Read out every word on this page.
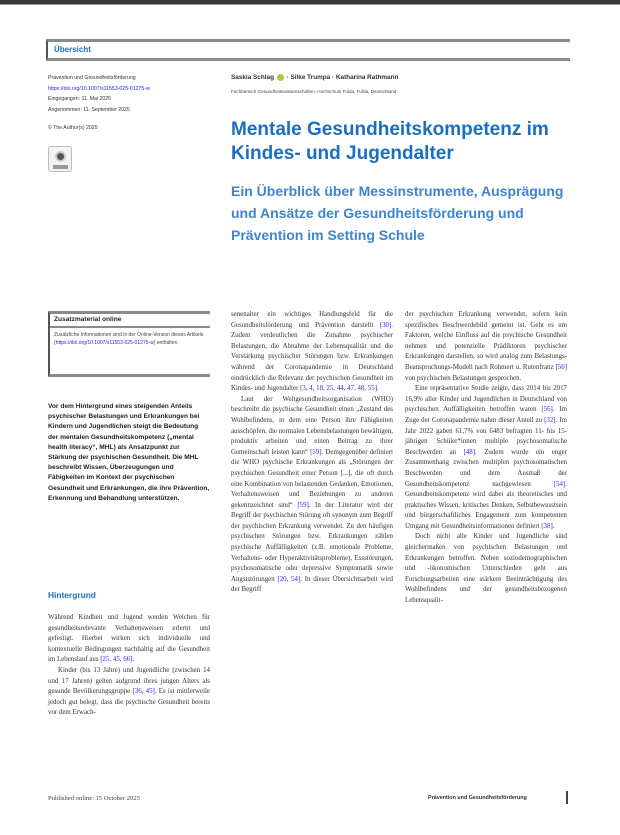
Übersicht
Prävention und Gesundheitsförderung
https://doi.org/10.1007/s11553-025-01275-w
Eingegangen: 11. Mai 2025
Angenommen: 11. September 2025
© The Author(s) 2025
Saskia Schlag  · Silke Trumpa · Katharina Rathmann
Fachbereich Gesundheitswissenschaften, Hochschule Fulda, Fulda, Deutschland
Mentale Gesundheitskompetenz im Kindes- und Jugendalter
Ein Überblick über Messinstrumente, Ausprägung und Ansätze der Gesundheitsförderung und Prävention im Setting Schule
Zusatzmaterial online
Zusätzliche Informationen sind in der Online-Version dieses Artikels (https://doi.org/10.1007/s11553-025-01275-w) enthalten.
Vor dem Hintergrund eines steigenden Anteils psychischer Belastungen und Erkrankungen bei Kindern und Jugendlichen steigt die Bedeutung der mentalen Gesundheitskompetenz („mental health literacy“, MHL) als Ansatzpunkt zur Stärkung der psychischen Gesundheit. Die MHL beschreibt Wissen, Überzeugungen und Fähigkeiten im Kontext der psychischen Gesundheit und Erkrankungen, die ihre Prävention, Erkennung und Behandlung unterstützen.
Hintergrund

Während Kindheit und Jugend werden Weichen für gesundheitsrelevante Verhaltensweisen erlernt und gefestigt. Hierbei wirken sich individuelle und kontextuelle Bedingungen nachhaltig auf die Gesundheit im Lebenslauf aus [25, 45, 66].

Kinder (bis 13 Jahre) und Jugendliche (zwischen 14 und 17 Jahren) gelten aufgrund ihres jungen Alters als gesunde Bevölkerungsgruppe [36, 45]. Es ist mittlerweile jedoch gut belegt, dass die psychische Gesundheit bereits vor dem Erwach-

senenalter ein wichtiges Handlungsfeld für die Gesundheitsförderung und Prävention darstellt [30]. Zudem verdeutlichen die Zunahme psychischer Belastungen, die Abnahme der Lebensqualität und die Verstärkung psychischer Störungen bzw. Erkrankungen während der Coronapandemie in Deutschland eindrücklich die Relevanz der psychischen Gesundheit im Kindes- und Jugendalter [3, 4, 18, 25, 44, 47, 48, 55].

Laut der Weltgesundheitsorganisation (WHO) beschreibt die psychische Gesundheit einen „Zustand des Wohlbefindens, in dem eine Person ihre Fähigkeiten ausschöpfen, die normalen Lebensbelastungen bewältigen, produktiv arbeiten und einen Beitrag zu ihrer Gemeinschaft leisten kann“ [59]. Demgegenüber definiert die WHO psychische Erkrankungen als „Störungen der psychischen Gesundheit einer Person [...], die oft durch eine Kombination von belastenden Gedanken, Emotionen, Verhaltensweisen und Beziehungen zu anderen gekennzeichnet sind“ [59]. In der Literatur wird der Begriff der psychischen Störung oft synonym zum Begriff der psychischen Erkrankung verwendet. Zu den häufigen psychischen Störungen bzw. Erkrankungen zählen psychische Auffälligkeiten (z.B. emotionale Probleme, Verhaltens- oder Hyperaktivitätsprobleme), Essstörungen, psychosomatische oder depressive Symptomatik sowie Angststörungen [20, 54]. In dieser Übersichtsarbeit wird der Begriff

der psychischen Erkrankung verwendet, sofern kein spezifisches Beschwerdebild gemeint ist. Geht es um Faktoren, welche Einfluss auf die psychische Gesundheit nehmen und potenzielle Prädiktoren psychischer Erkrankungen darstellen, so wird analog zum Belastungs-Beanspruchungs-Modell nach Rohmert u. Rutenfranz [50] von psychischen Belastungen gesprochen.

Eine repräsentative Studie zeigte, dass 2014 bis 2017 16,9% aller Kinder und Jugendlichen in Deutschland von psychischen Auffälligkeiten betroffen waren [56]. Im Zuge der Coronapandemie nahm dieser Anteil zu [32]. Im Jahr 2022 gaben 61,7% von 6483 befragten 11- bis 15-jährigen Schüler*innen multiple psychosomatische Beschwerden an [48]. Zudem wurde ein enger Zusammenhang zwischen multiplen psychosomatischen Beschwerden und dem Ausmaß der Gesundheitskompetenz nachgewiesen [54]. Gesundheitskompetenz wird dabei als theoretisches und praktisches Wissen, kritisches Denken, Selbstbewusstsein und bürgerschaftliches Engagement zum kompetenten Umgang mit Gesundheitsinformationen definiert [38].

Doch nicht alle Kinder und Jugendliche sind gleichermaßen von psychischen Belastungen und Erkrankungen betroffen. Neben soziodemographischen und -ökonomischen Unterschieden geht aus Forschungsarbeiten eine stärkere Beeinträchtigung des Wohlbefindens und der gesundheitsbezogenen Lebensqualit-

Published online: 15 October 2025	Prävention und Gesundheitsförderung
